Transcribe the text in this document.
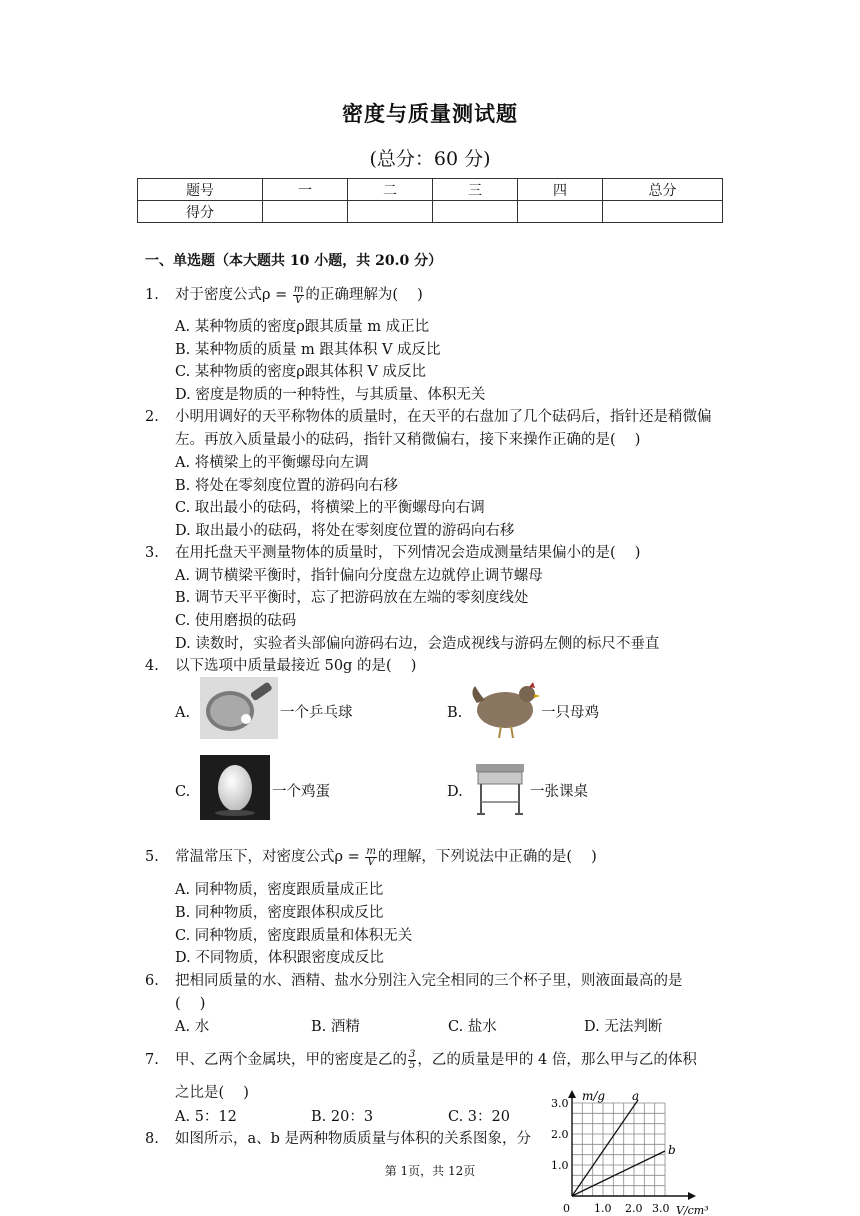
密度与质量测试题
(总分：60 分)
题号	一	二	三	四	总分
得分					
一、单选题（本大题共 10 小题，共 20.0 分）
1. 对于密度公式$\rho = \frac{m}{V}$ 的正确理解为(　 )
A. 某种物质的密度ρ跟其质量 m 成正比
B. 某种物质的质量 m 跟其体积 V 成反比
C. 某种物质的密度ρ跟其体积 V 成反比
D. 密度是物质的一种特性，与其质量、体积无关
2. 小明用调好的天平称物体的质量时，在天平的右盘加了几个砝码后，指针还是稍微偏左。再放入质量最小的砝码，指针又稍微偏右，接下来操作正确的是(　 )
A. 将横梁上的平衡螺母向左调
B. 将处在零刻度位置的游码向右移
C. 取出最小的砝码，将横梁上的平衡螺母向右调
D. 取出最小的砝码，将处在零刻度位置的游码向右移
3. 在用托盘天平测量物体的质量时，下列情况会造成测量结果偏小的是(　 )
A. 调节横梁平衡时，指针偏向分度盘左边就停止调节螺母
B. 调节天平平衡时，忘了把游码放在左端的零刻度线处
C. 使用磨损的砝码
D. 读数时，实验者头部偏向游码右边，会造成视线与游码左侧的标尺不垂直
4. 以下选项中质量最接近 50g 的是(　 )
A.	一个乒乓球	B.	一只母鸡
C.	一个鸡蛋	D.	一张课桌
5. 常温常压下，对密度公式$\rho = \frac{m}{V}$ 的理解，下列说法中正确的是(　 )
A. 同种物质，密度跟质量成正比
B. 同种物质，密度跟体积成反比
C. 同种物质，密度跟质量和体积无关
D. 不同物质，体积跟密度成反比
6. 把相同质量的水、酒精、盐水分别注入完全相同的三个杯子里，则液面最高的是
(　 )
A. 水	B. 酒精	C. 盐水	D. 无法判断
7. 甲、乙两个金属块，甲的密度是乙的 $\frac{3}{5}$ ，乙的质量是甲的 4 倍，那么甲与乙的体积
之比是(　 )
A. 5：12	B. 20：3	C. 3：20
8. 如图所示，a、b 是两种物质质量与体积的关系图象，分
m/g a
b
3.0
2.0
1.0
0 1.0 2.0 3.0 V/cm³
第 1页，共 12页
